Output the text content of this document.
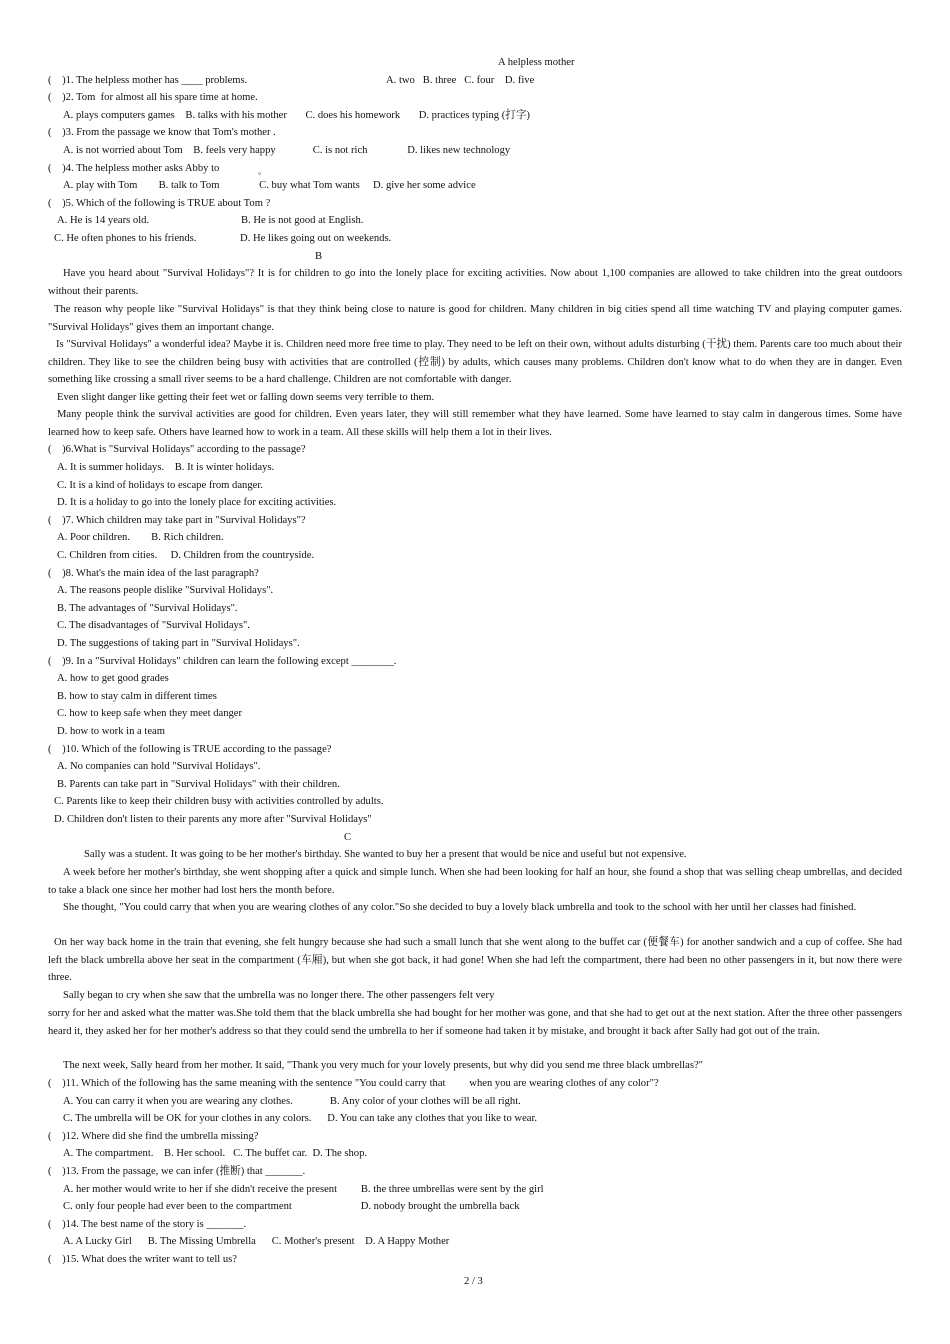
A helpless mother
(    )1. The helpless mother has ____ problems.	A. two   B. three   C. four    D. five
(    )2. Tom  for almost all his spare time at home.
A. plays computers games    B. talks with his mother       C. does his homework       D. practices typing (打字)
(    )3. From the passage we know that Tom's mother .
A. is not worried about Tom    B. feels very happy              C. is not rich               D. likes new technology
(    )4. The helpless mother asks Abby to	。
A. play with Tom        B. talk to Tom               C. buy what Tom wants     D. give her some advice
(    )5. Which of the following is TRUE about Tom ?
A. He is 14 years old.	B. He is not good at English.
C. He often phones to his friends.	D. He likes going out on weekends.
B
Have you heard about "Survival Holidays"? It is for children to go into the lonely place for exciting activities. Now about 1,100 companies are allowed to take children into the great outdoors without their parents.
The reason why people like "Survival Holidays" is that they think being close to nature is good for children. Many children in big cities spend all time watching TV and playing computer games. "Survival Holidays" gives them an important change.
Is "Survival Holidays" a wonderful idea? Maybe it is. Children need more free time to play. They need to be left on their own, without adults disturbing (干扰) them. Parents care too much about their children. They like to see the children being busy with activities that are controlled (控制) by adults, which causes many problems. Children don't know what to do when they are in danger. Even something like crossing a small river seems to be a hard challenge. Children are not comfortable with danger.
Even slight danger like getting their feet wet or falling down seems very terrible to them.
Many people think the survival activities are good for children. Even years later, they will still remember what they have learned. Some have learned to stay calm in dangerous times. Some have learned how to keep safe. Others have learned how to work in a team. All these skills will help them a lot in their lives.
(    )6.What is "Survival Holidays" according to the passage?
A. It is summer holidays.    B. It is winter holidays.
C. It is a kind of holidays to escape from danger.
D. It is a holiday to go into the lonely place for exciting activities.
(    )7. Which children may take part in "Survival Holidays"?
A. Poor children.        B. Rich children.
C. Children from cities.     D. Children from the countryside.
(    )8. What's the main idea of the last paragraph?
A. The reasons people dislike "Survival Holidays".
B. The advantages of "Survival Holidays".
C. The disadvantages of "Survival Holidays".
D. The suggestions of taking part in "Survival Holidays".
(    )9. In a "Survival Holidays" children can learn the following except ________.
A. how to get good grades
B. how to stay calm in different times
C. how to keep safe when they meet danger
D. how to work in a team
(    )10. Which of the following is TRUE according to the passage?
A. No companies can hold "Survival Holidays".
B. Parents can take part in "Survival Holidays" with their children.
C. Parents like to keep their children busy with activities controlled by adults.
D. Children don't listen to their parents any more after "Survival Holidays"
C
Sally was a student. It was going to be her mother's birthday. She wanted to buy her a present that would be nice and useful but not expensive.
A week before her mother's birthday, she went shopping after a quick and simple lunch. When she had been looking for half an hour, she found a shop that was selling cheap umbrellas, and decided to take a black one since her mother had lost hers the month before.
She thought, "You could carry that when you are wearing clothes of any color."So she decided to buy a lovely black umbrella and took to the school with her until her classes had finished.
On her way back home in the train that evening, she felt hungry because she had such a small lunch that she went along to the buffet car (便餐车) for another sandwich and a cup of coffee. She had left the black umbrella above her seat in the compartment (车厢), but when she got back, it had gone! When she had left the compartment, there had been no other passengers in it, but now there were three.
Sally began to cry when she saw that the umbrella was no longer there. The other passengers felt very
sorry for her and asked what the matter was.She told them that the black umbrella she had bought for her mother was gone, and that she had to get out at the next station. After the three other passengers heard it, they asked her for her mother's address so that they could send the umbrella to her if someone had taken it by mistake, and brought it back after Sally had got out of the train.
The next week, Sally heard from her mother. It said, "Thank you very much for your lovely presents, but why did you send me three black umbrellas?"
(    )11. Which of the following has the same meaning with the sentence "You could carry that         when you are wearing clothes of any color"?
A. You can carry it when you are wearing any clothes.              B. Any color of your clothes will be all right.
C. The umbrella will be OK for your clothes in any colors.      D. You can take any clothes that you like to wear.
(    )12. Where did she find the umbrella missing?
A. The compartment.    B. Her school.   C. The buffet car.  D. The shop.
(    )13. From the passage, we can infer (推断) that _______.
A. her mother would write to her if she didn't receive the present         B. the three umbrellas were sent by the girl
C. only four people had ever been to the compartment                          D. nobody brought the umbrella back
(    )14. The best name of the story is _______.
A. A Lucky Girl      B. The Missing Umbrella      C. Mother's present    D. A Happy Mother
(    )15. What does the writer want to tell us?
2 / 3
